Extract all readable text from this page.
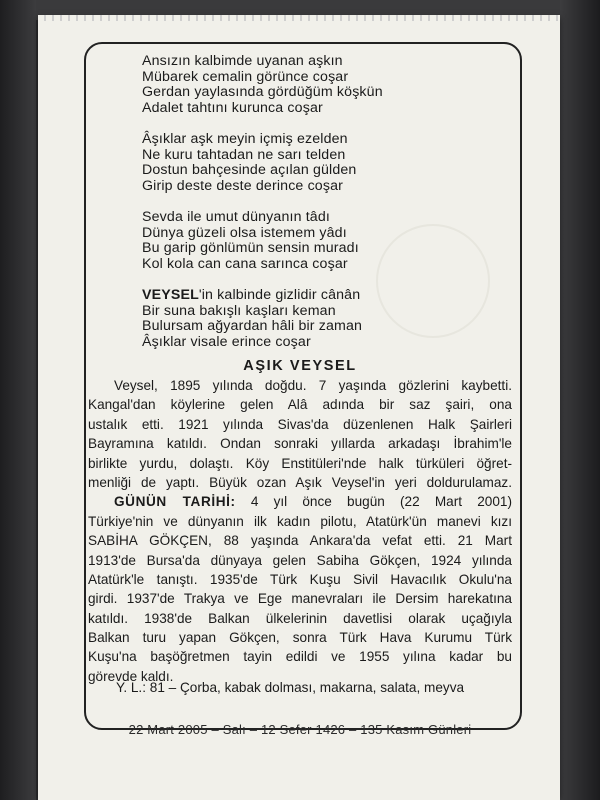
Ansızın kalbimde uyanan aşkın
Mübarek cemalin görünce coşar
Gerdan yaylasında gördüğüm köşkün
Adalet tahtını kurunca coşar
Âşıklar aşk meyin içmiş ezelden
Ne kuru tahtadan ne sarı telden
Dostun bahçesinde açılan gülden
Girip deste deste derince coşar
Sevda ile umut dünyanın tâdı
Dünya güzeli olsa istemem yâdı
Bu garip gönlümün sensin muradı
Kol kola can cana sarınca coşar
VEYSEL'in kalbinde gizlidir cânân
Bir suna bakışlı kaşları keman
Bulursam ağyardan hâli bir zaman
Âşıklar visale erince coşar
AŞIK VEYSEL
Veysel, 1895 yılında doğdu. 7 yaşında gözlerini kaybetti.
Kangal'dan köylerine gelen Alâ adında bir saz şairi, ona
ustalık etti. 1921 yılında Sivas'da düzenlenen Halk Şairleri
Bayramına katıldı. Ondan sonraki yıllarda arkadaşı İbrahim'le
birlikte yurdu, dolaştı. Köy Enstitüleri'nde halk türküleri öğret-
menliği de yaptı. Büyük ozan Aşık Veysel'in yeri doldurulamaz.
GÜNÜN TARİHİ: 4 yıl önce bugün (22 Mart 2001)
Türkiye'nin ve dünyanın ilk kadın pilotu, Atatürk'ün manevi kızı
SABİHA GÖKÇEN, 88 yaşında Ankara'da vefat etti. 21 Mart
1913'de Bursa'da dünyaya gelen Sabiha Gökçen, 1924 yılında
Atatürk'le tanıştı. 1935'de Türk Kuşu Sivil Havacılık Okulu'na
girdi. 1937'de Trakya ve Ege manevraları ile Dersim harekatına
katıldı. 1938'de Balkan ülkelerinin davetlisi olarak uçağıyla
Balkan turu yapan Gökçen, sonra Türk Hava Kurumu Türk
Kuşu'na başöğretmen tayin edildi ve 1955 yılına kadar bu
görevde kaldı.
Y. L.: 81 – Çorba, kabak dolması, makarna, salata, meyva
22 Mart 2005 – Salı – 12 Sefer 1426 – 135 Kasım Günleri
